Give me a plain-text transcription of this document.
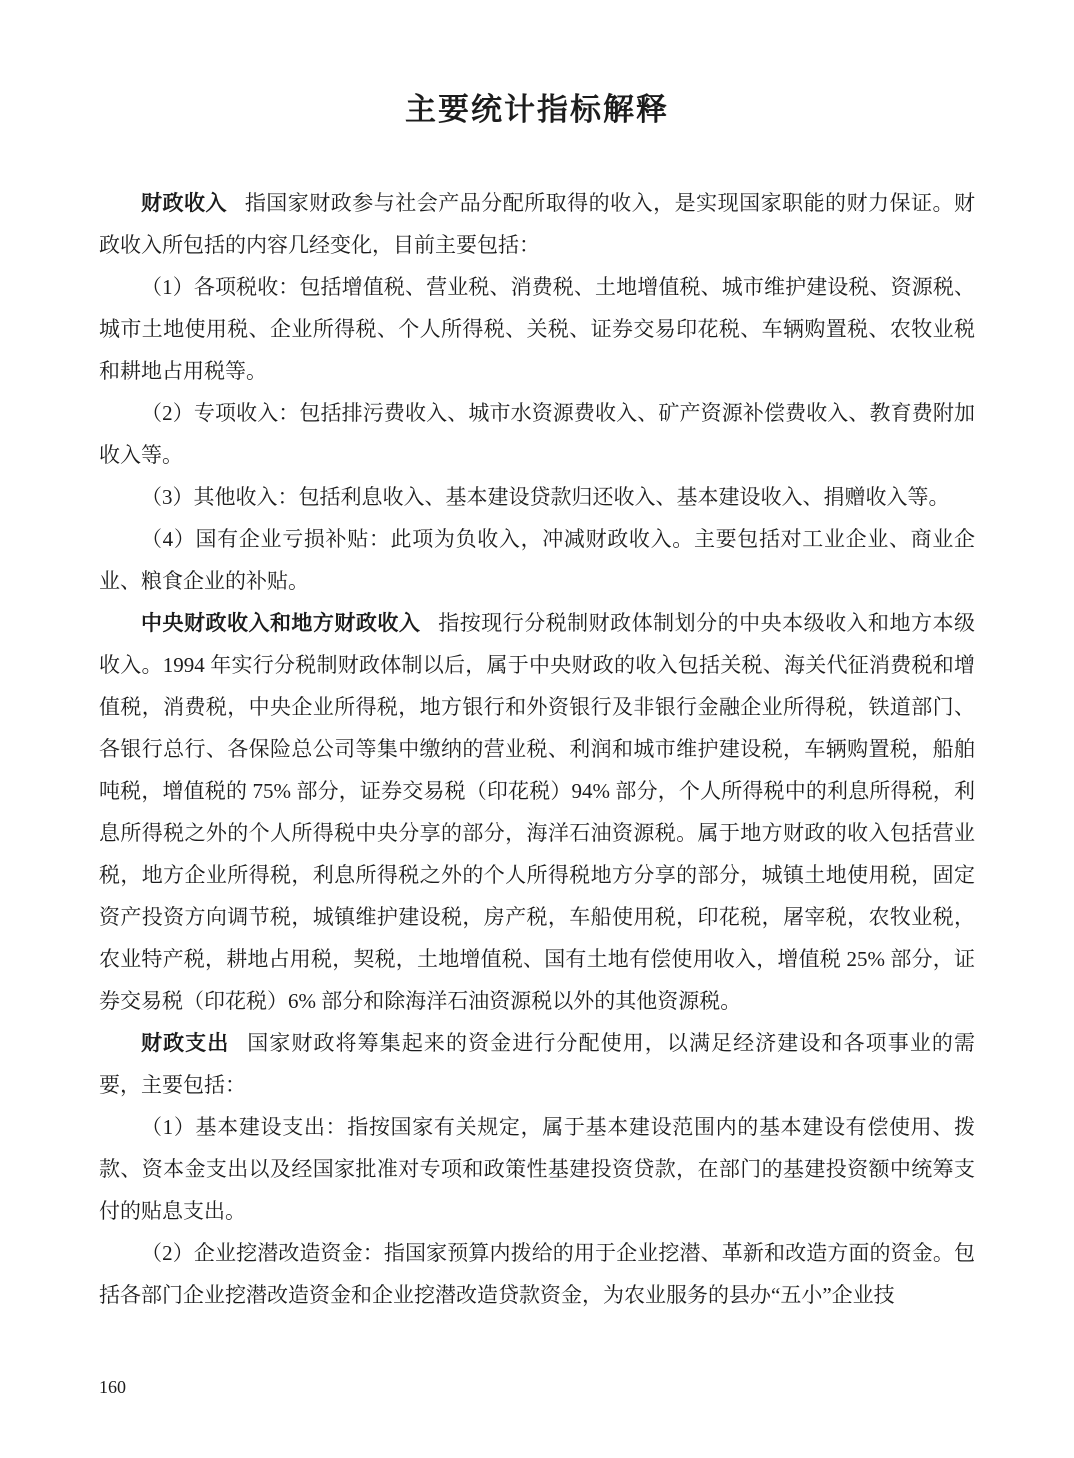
主要统计指标解释

财政收入 指国家财政参与社会产品分配所取得的收入，是实现国家职能的财力保证。财政收入所包括的内容几经变化，目前主要包括：

（1）各项税收：包括增值税、营业税、消费税、土地增值税、城市维护建设税、资源税、城市土地使用税、企业所得税、个人所得税、关税、证券交易印花税、车辆购置税、农牧业税和耕地占用税等。

（2）专项收入：包括排污费收入、城市水资源费收入、矿产资源补偿费收入、教育费附加收入等。

（3）其他收入：包括利息收入、基本建设贷款归还收入、基本建设收入、捐赠收入等。

（4）国有企业亏损补贴：此项为负收入，冲减财政收入。主要包括对工业企业、商业企业、粮食企业的补贴。

中央财政收入和地方财政收入 指按现行分税制财政体制划分的中央本级收入和地方本级收入。1994 年实行分税制财政体制以后，属于中央财政的收入包括关税、海关代征消费税和增值税，消费税，中央企业所得税，地方银行和外资银行及非银行金融企业所得税，铁道部门、各银行总行、各保险总公司等集中缴纳的营业税、利润和城市维护建设税，车辆购置税，船舶吨税，增值税的 75% 部分，证券交易税（印花税）94% 部分，个人所得税中的利息所得税，利息所得税之外的个人所得税中央分享的部分，海洋石油资源税。属于地方财政的收入包括营业税，地方企业所得税，利息所得税之外的个人所得税地方分享的部分，城镇土地使用税，固定资产投资方向调节税，城镇维护建设税，房产税，车船使用税，印花税，屠宰税，农牧业税，农业特产税，耕地占用税，契税，土地增值税、国有土地有偿使用收入，增值税 25% 部分，证券交易税（印花税）6% 部分和除海洋石油资源税以外的其他资源税。

财政支出 国家财政将筹集起来的资金进行分配使用，以满足经济建设和各项事业的需要，主要包括：

（1）基本建设支出：指按国家有关规定，属于基本建设范围内的基本建设有偿使用、拨款、资本金支出以及经国家批准对专项和政策性基建投资贷款，在部门的基建投资额中统筹支付的贴息支出。

（2）企业挖潜改造资金：指国家预算内拨给的用于企业挖潜、革新和改造方面的资金。包括各部门企业挖潜改造资金和企业挖潜改造贷款资金，为农业服务的县办“五小”企业技

160
